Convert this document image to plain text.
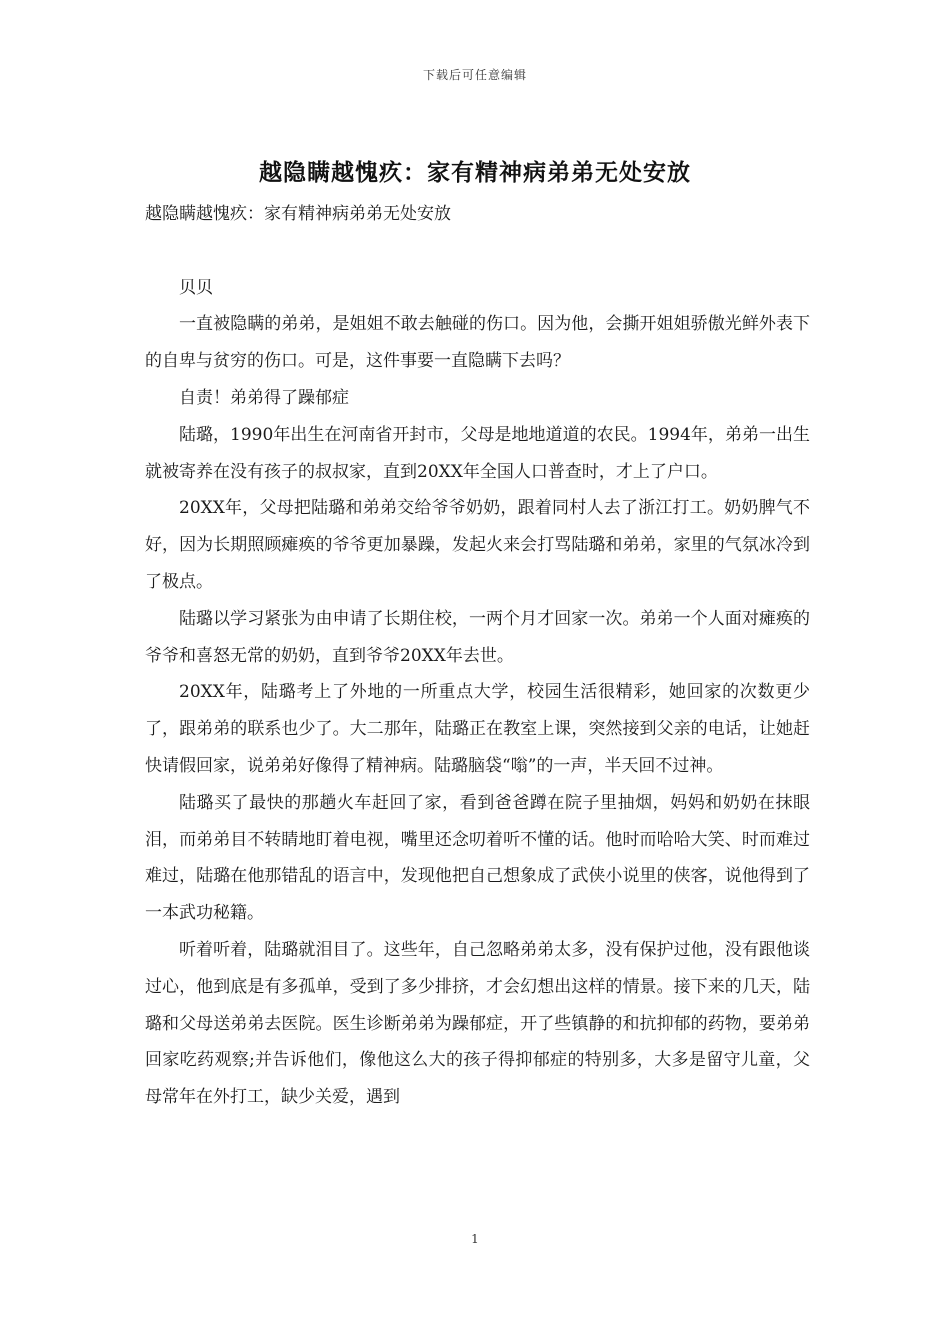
下载后可任意编辑
越隐瞒越愧疚：家有精神病弟弟无处安放

越隐瞒越愧疚：家有精神病弟弟无处安放

贝贝

一直被隐瞒的弟弟，是姐姐不敢去触碰的伤口。因为他，会撕开姐姐骄傲光鲜外表下的自卑与贫穷的伤口。可是，这件事要一直隐瞒下去吗？

自责！弟弟得了躁郁症

陆璐，1990年出生在河南省开封市，父母是地地道道的农民。1994年，弟弟一出生就被寄养在没有孩子的叔叔家，直到20XX年全国人口普查时，才上了户口。

20XX年，父母把陆璐和弟弟交给爷爷奶奶，跟着同村人去了浙江打工。奶奶脾气不好，因为长期照顾瘫痪的爷爷更加暴躁，发起火来会打骂陆璐和弟弟，家里的气氛冰冷到了极点。

陆璐以学习紧张为由申请了长期住校，一两个月才回家一次。弟弟一个人面对瘫痪的爷爷和喜怒无常的奶奶，直到爷爷20XX年去世。

20XX年，陆璐考上了外地的一所重点大学，校园生活很精彩，她回家的次数更少了，跟弟弟的联系也少了。大二那年，陆璐正在教室上课，突然接到父亲的电话，让她赶快请假回家，说弟弟好像得了精神病。陆璐脑袋“嗡”的一声，半天回不过神。

陆璐买了最快的那趟火车赶回了家，看到爸爸蹲在院子里抽烟，妈妈和奶奶在抹眼泪，而弟弟目不转睛地盯着电视，嘴里还念叨着听不懂的话。他时而哈哈大笑、时而难过难过，陆璐在他那错乱的语言中，发现他把自己想象成了武侠小说里的侠客，说他得到了一本武功秘籍。

听着听着，陆璐就泪目了。这些年，自己忽略弟弟太多，没有保护过他，没有跟他谈过心，他到底是有多孤单，受到了多少排挤，才会幻想出这样的情景。接下来的几天，陆璐和父母送弟弟去医院。医生诊断弟弟为躁郁症，开了些镇静的和抗抑郁的药物，要弟弟回家吃药观察;并告诉他们，像他这么大的孩子得抑郁症的特别多，大多是留守儿童，父母常年在外打工，缺少关爱，遇到

1
